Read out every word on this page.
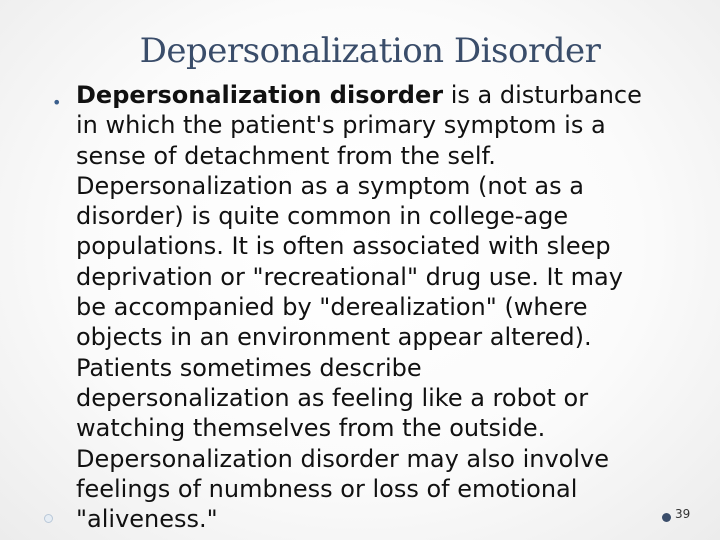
Depersonalization Disorder
• Depersonalization disorder is a disturbance
in which the patient's primary symptom is a
sense of detachment from the self.
Depersonalization as a symptom (not as a
disorder) is quite common in college-age
populations. It is often associated with sleep
deprivation or "recreational" drug use. It may
be accompanied by "derealization" (where
objects in an environment appear altered).
Patients sometimes describe
depersonalization as feeling like a robot or
watching themselves from the outside.
Depersonalization disorder may also involve
feelings of numbness or loss of emotional
"aliveness."	39
